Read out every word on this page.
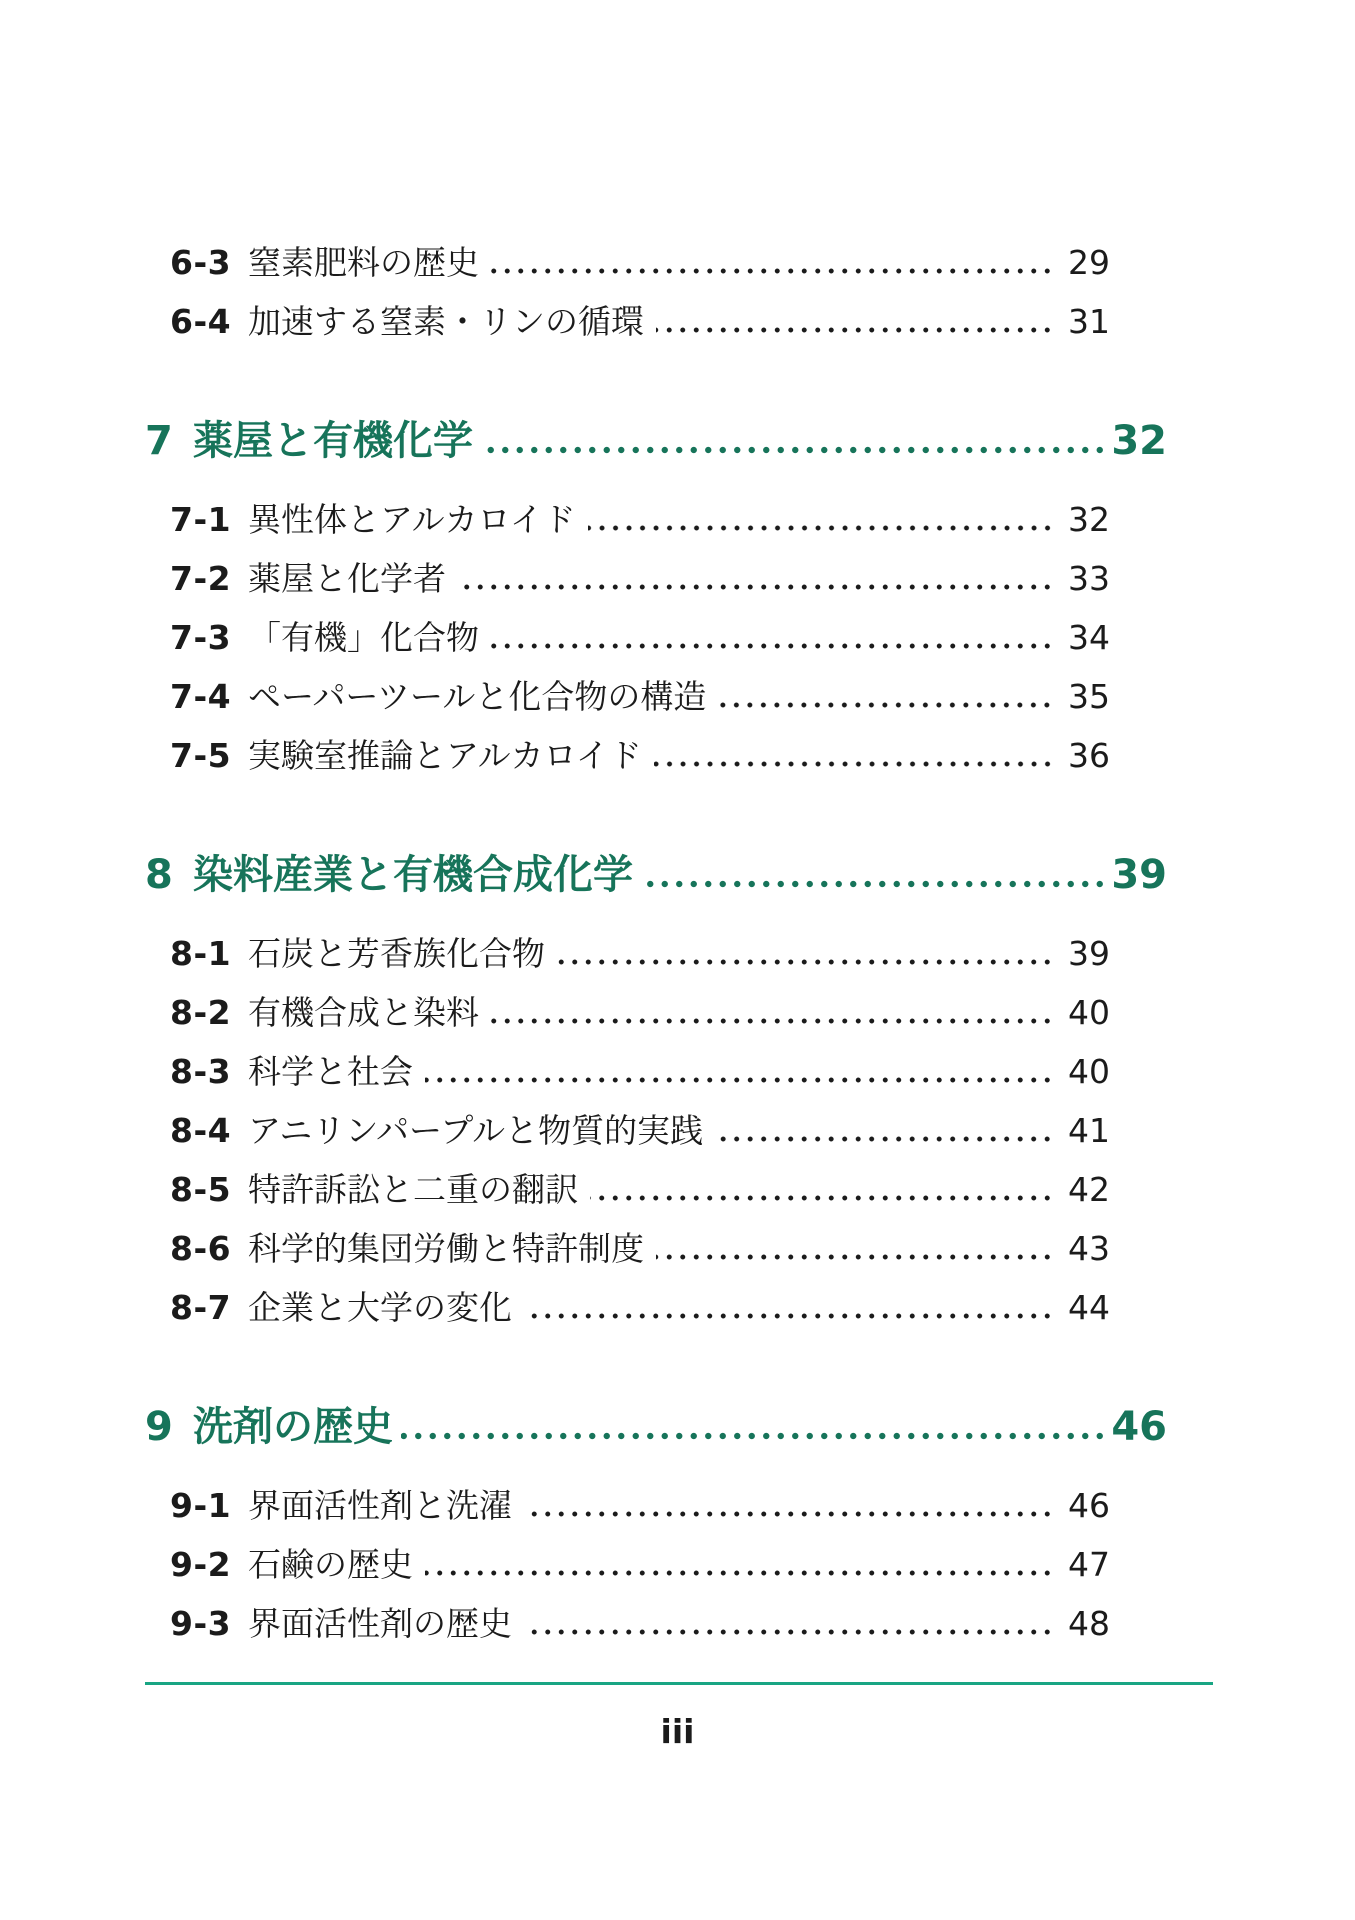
6-3 窒素肥料の歴史	29
6-4 加速する窒素・リンの循環	31
7 薬屋と有機化学	32
7-1 異性体とアルカロイド	32
7-2 薬屋と化学者	33
7-3 「有機」化合物	34
7-4 ペーパーツールと化合物の構造	35
7-5 実験室推論とアルカロイド	36
8 染料産業と有機合成化学	39
8-1 石炭と芳香族化合物	39
8-2 有機合成と染料	40
8-3 科学と社会	40
8-4 アニリンパープルと物質的実践	41
8-5 特許訴訟と二重の翻訳	42
8-6 科学的集団労働と特許制度	43
8-7 企業と大学の変化	44
9 洗剤の歴史	46
9-1 界面活性剤と洗濯	46
9-2 石鹸の歴史	47
9-3 界面活性剤の歴史	48
iii
